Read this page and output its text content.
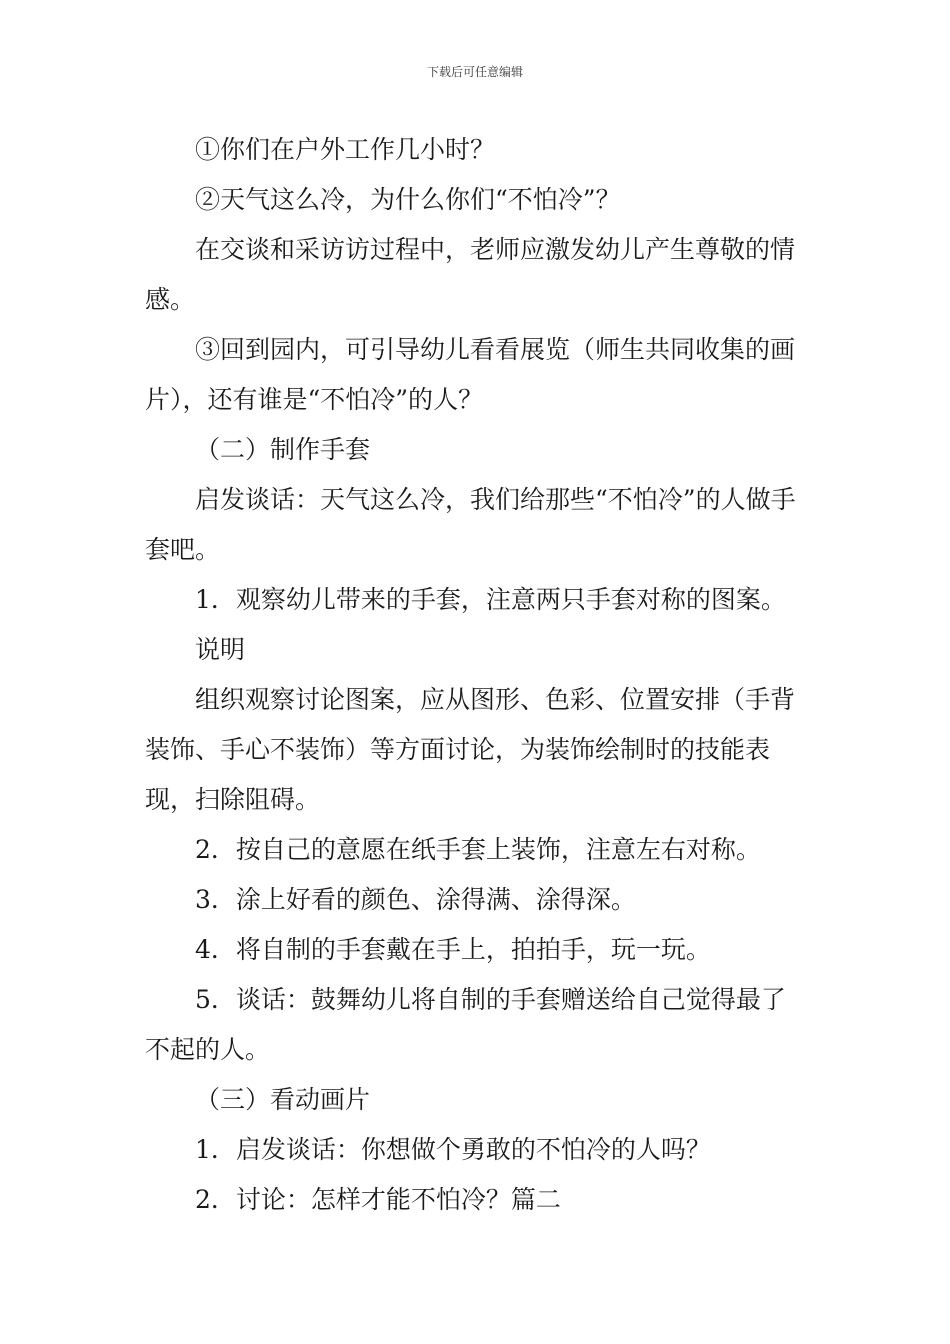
下载后可任意编辑

①你们在户外工作几小时？

②天气这么冷，为什么你们“不怕冷”？

在交谈和采访访过程中，老师应激发幼儿产生尊敬的情感。

③回到园内，可引导幼儿看看展览（师生共同收集的画片），还有谁是“不怕冷”的人？

（二）制作手套

启发谈话：天气这么冷，我们给那些“不怕冷”的人做手套吧。

1．观察幼儿带来的手套，注意两只手套对称的图案。

说明

组织观察讨论图案，应从图形、色彩、位置安排（手背装饰、手心不装饰）等方面讨论，为装饰绘制时的技能表现，扫除阻碍。

2．按自己的意愿在纸手套上装饰，注意左右对称。

3．涂上好看的颜色、涂得满、涂得深。

4．将自制的手套戴在手上，拍拍手，玩一玩。

5．谈话：鼓舞幼儿将自制的手套赠送给自己觉得最了不起的人。

（三）看动画片

1．启发谈话：你想做个勇敢的不怕冷的人吗？

2．讨论：怎样才能不怕冷？篇二
